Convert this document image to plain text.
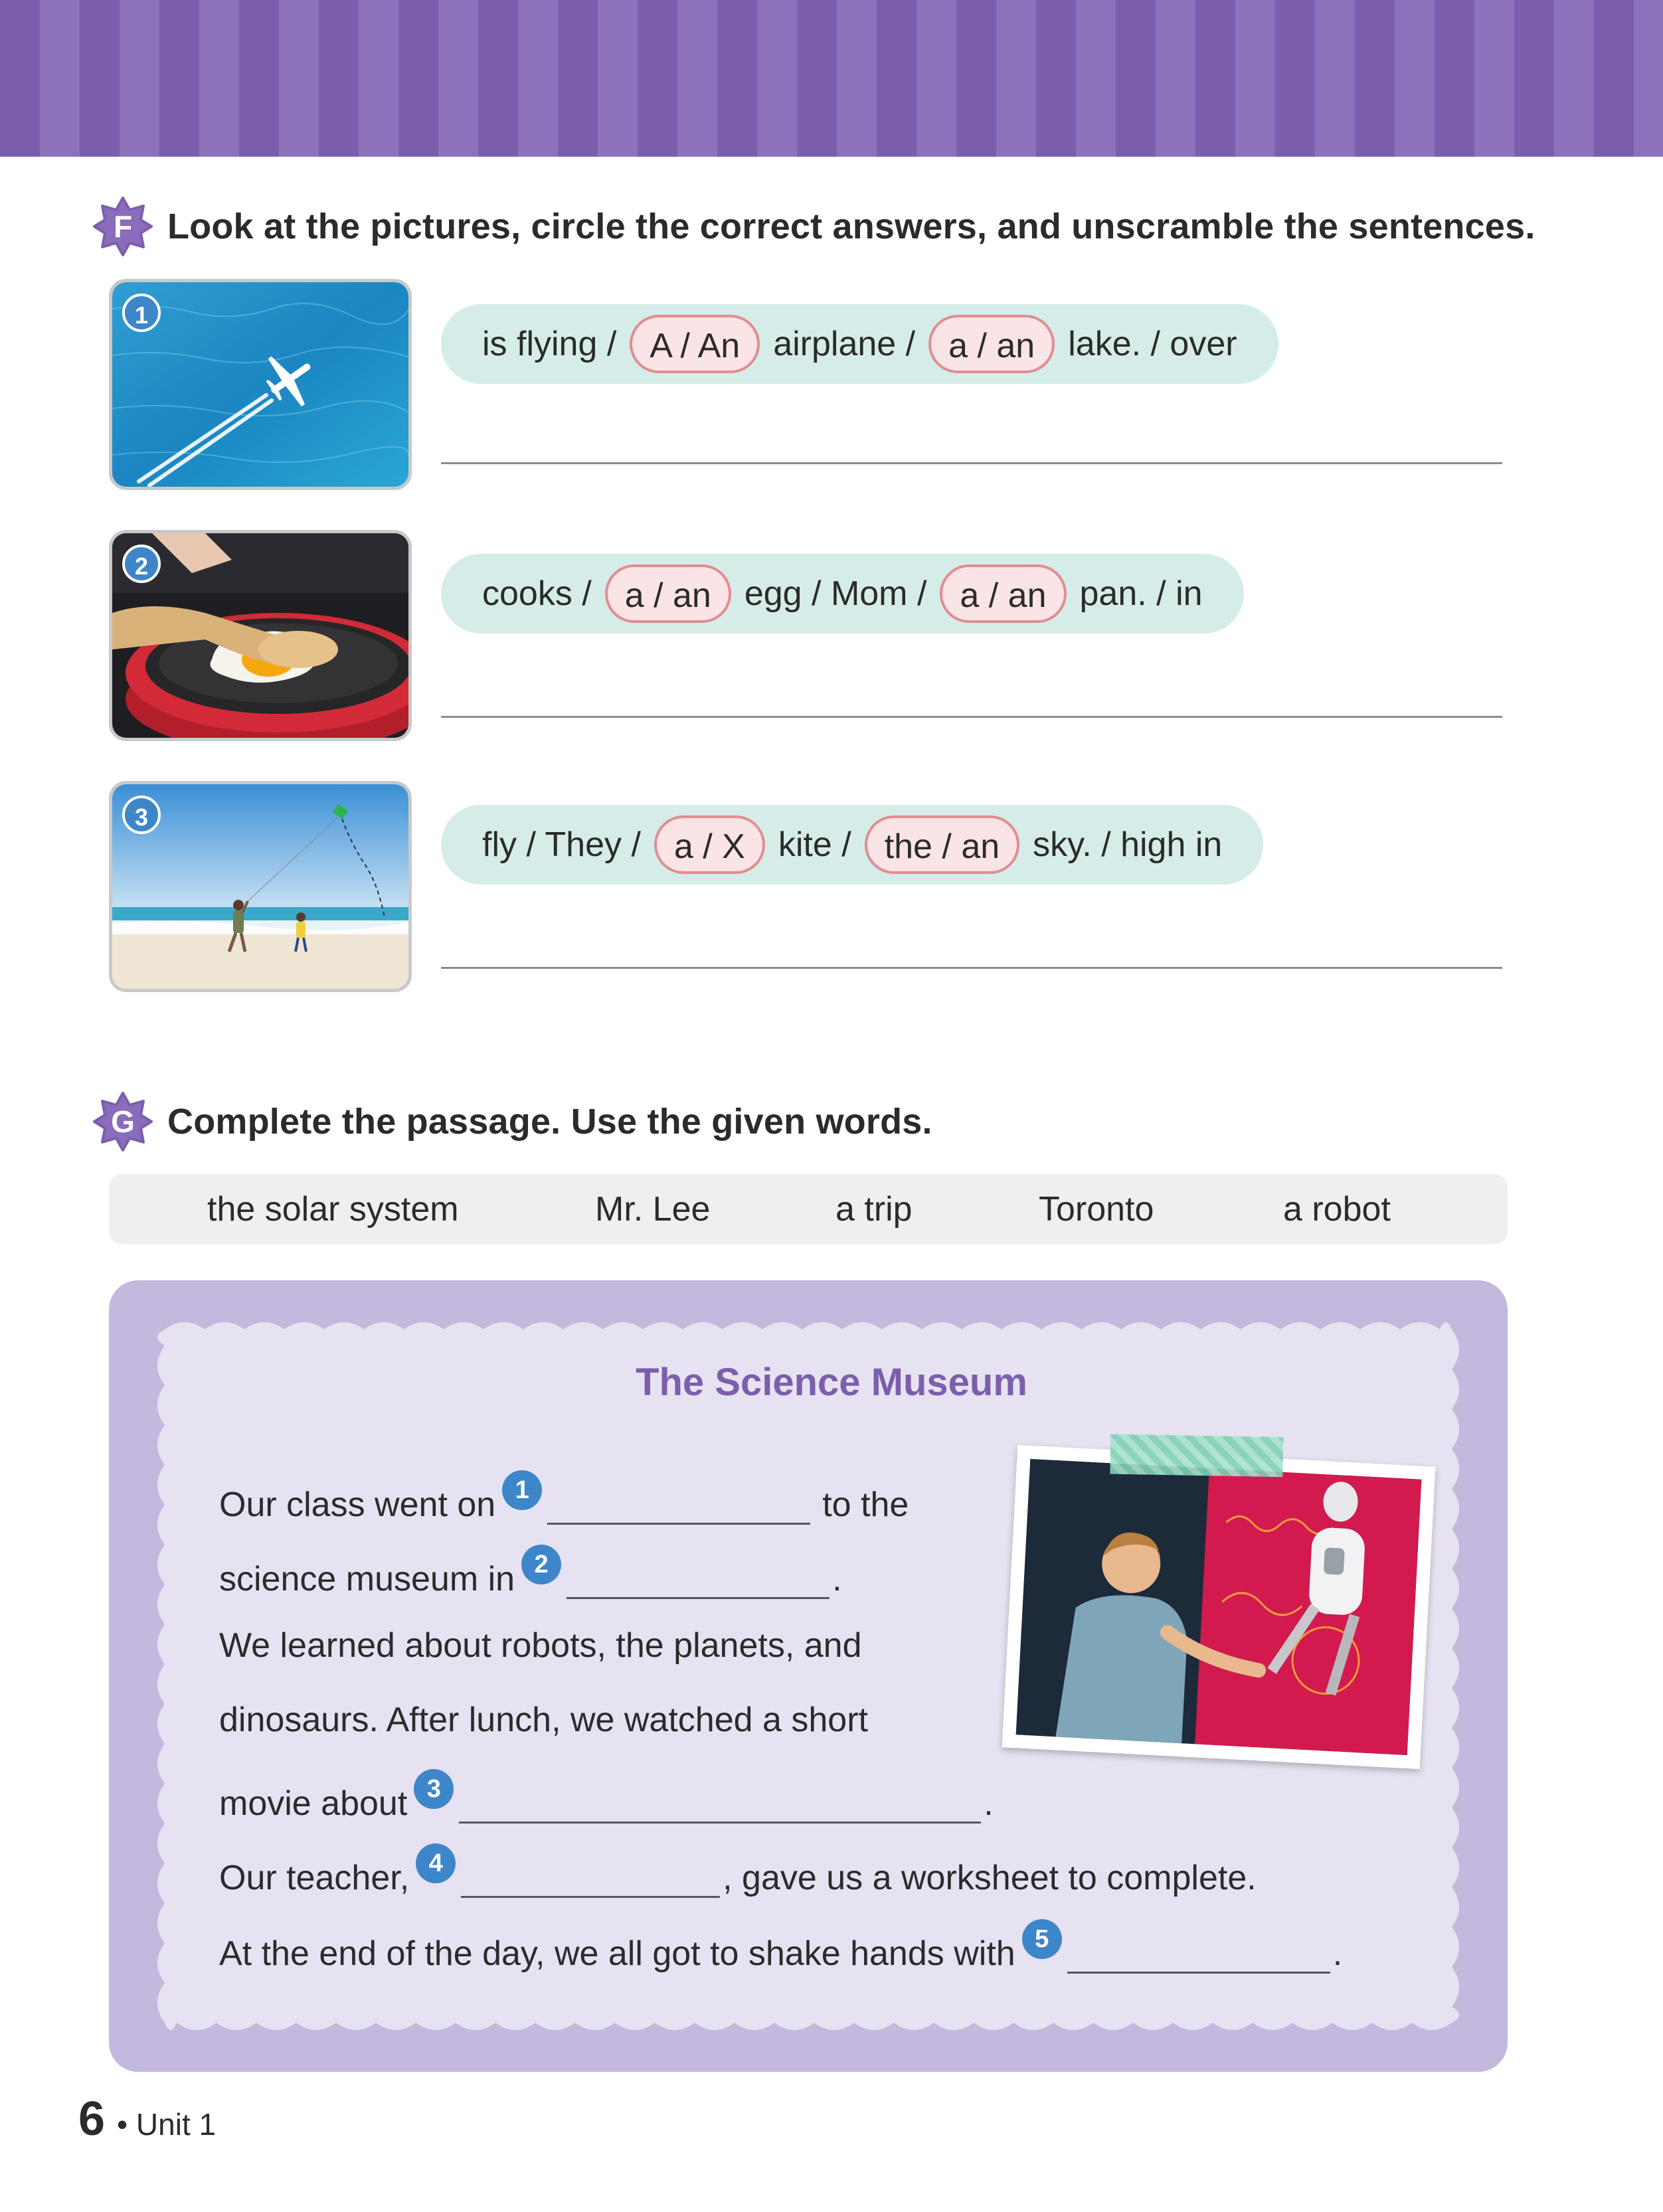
F Look at the pictures, circle the correct answers, and unscramble the sentences.
1
is flying / A / An airplane / a / an lake. / over
2
cooks / a / an egg / Mom / a / an pan. / in
3
fly / They / a / X kite / the / an sky. / high in
G Complete the passage. Use the given words.
the solar system	Mr. Lee	a trip	Toronto	a robot
The Science Museum
Our class went on 1	to the
science museum in 2	.
We learned about robots, the planets, and
dinosaurs. After lunch, we watched a short
movie about 3	.
Our teacher, 4	, gave us a worksheet to complete.
At the end of the day, we all got to shake hands with 5	.
6 • Unit 1
